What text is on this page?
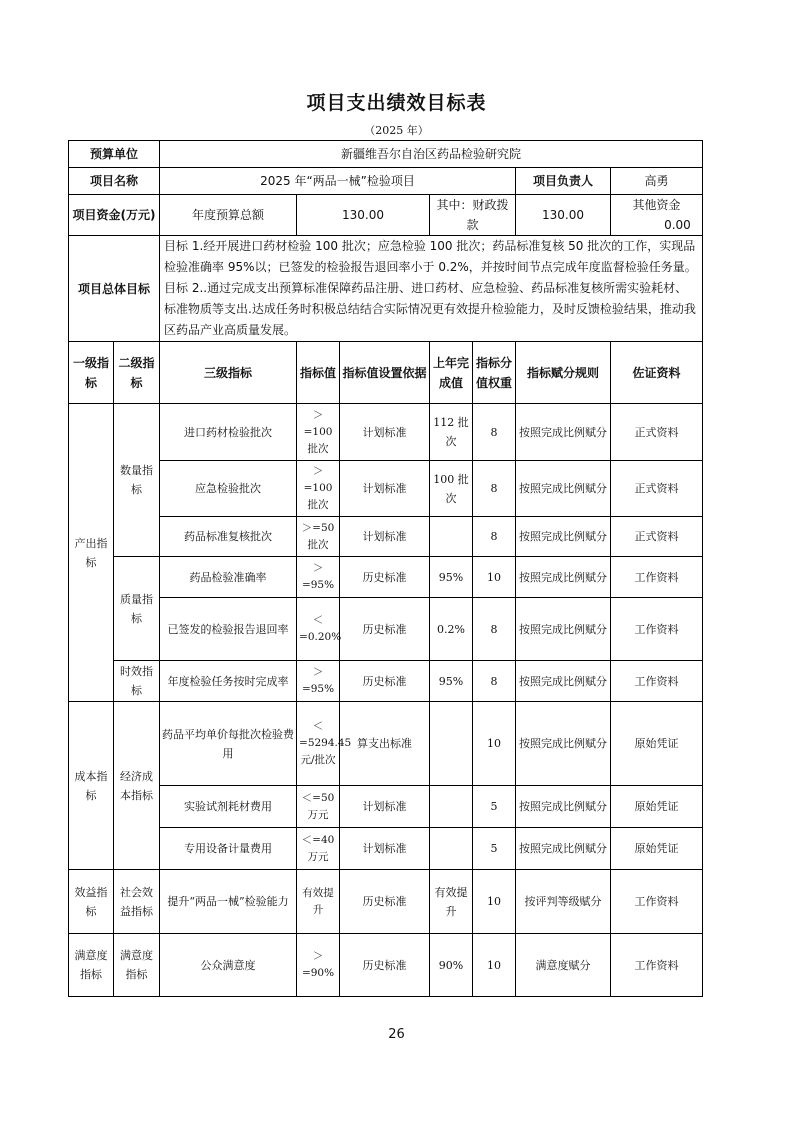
项目支出绩效目标表
（2025 年）
预算单位		新疆维吾尔自治区药品检验研究院						
项目名称		2025 年“两品一械”检验项目					项目负责人	高勇
项目资金(万元)		年度预算总额	130.00		其中：财政拨款		130.00	其他资金  0.00
项目总体目标		目标 1.经开展进口药材检验 100 批次；应急检验 100 批次；药品标准复核 50 批次的工作，实现品检验准确率 95%以；已签发的检验报告退回率小于 0.2%，并按时间节点完成年度监督检验任务量。
目标 2..通过完成支出预算标准保障药品注册、进口药材、应急检验、药品标准复核所需实验耗材、标准物质等支出.达成任务时积极总结结合实际情况更有效提升检验能力，及时反馈检验结果，推动我区药品产业高质量发展。						

一级指标	二级指标	三级指标	指标值	指标值设置依据	上年完成值	指标分值权重	指标赋分规则	佐证资料
产出指标	数量指标	进口药材检验批次	＞=100批次	计划标准	112 批次	8	按照完成比例赋分	正式资料
		应急检验批次	＞=100批次	计划标准	100 批次	8	按照完成比例赋分	正式资料
		药品标准复核批次	＞=50批次	计划标准		8	按照完成比例赋分	正式资料
	质量指标	药品检验准确率	＞=95%	历史标准	95%	10	按照完成比例赋分	工作资料
		已签发的检验报告退回率	＜=0.20%	历史标准	0.2%	8	按照完成比例赋分	工作资料
	时效指标	年度检验任务按时完成率	＞=95%	历史标准	95%	8	按照完成比例赋分	工作资料
成本指标	经济成本指标	药品平均单价每批次检验费用	＜=5294.45元/批次	算支出标准		10	按照完成比例赋分	原始凭证
		实验试剂耗材费用	＜=50万元	计划标准		5	按照完成比例赋分	原始凭证
		专用设备计量费用	＜=40万元	计划标准		5	按照完成比例赋分	原始凭证
效益指标	社会效益指标	提升“两品一械”检验能力	有效提升	历史标准	有效提升	10	按评判等级赋分	工作资料
满意度指标	满意度指标	公众满意度	＞=90%	历史标准	90%	10	满意度赋分	工作资料
26
